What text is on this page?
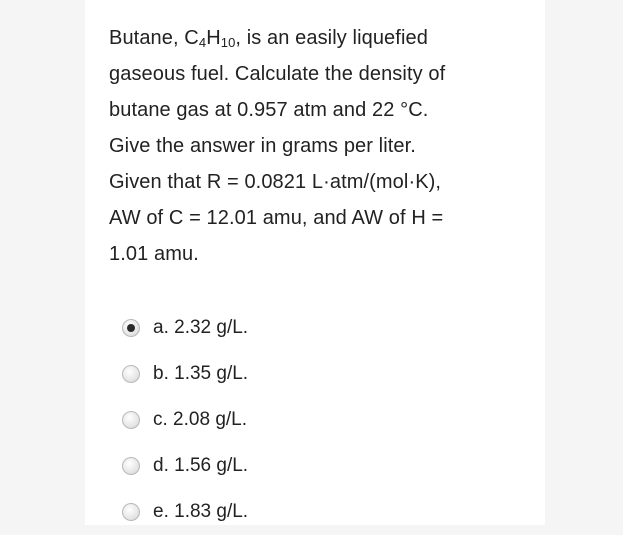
Butane, $C_4H_{10}$, is an easily liquefied
gaseous fuel. Calculate the density of
butane gas at 0.957 atm and 22 °C.
Give the answer in grams per liter.
Given that R = 0.0821 L·atm/(mol·K),
AW of C = 12.01 amu, and AW of H =
1.01 amu.
a. 2.32 g/L.
b. 1.35 g/L.
c. 2.08 g/L.
d. 1.56 g/L.
e. 1.83 g/L.
